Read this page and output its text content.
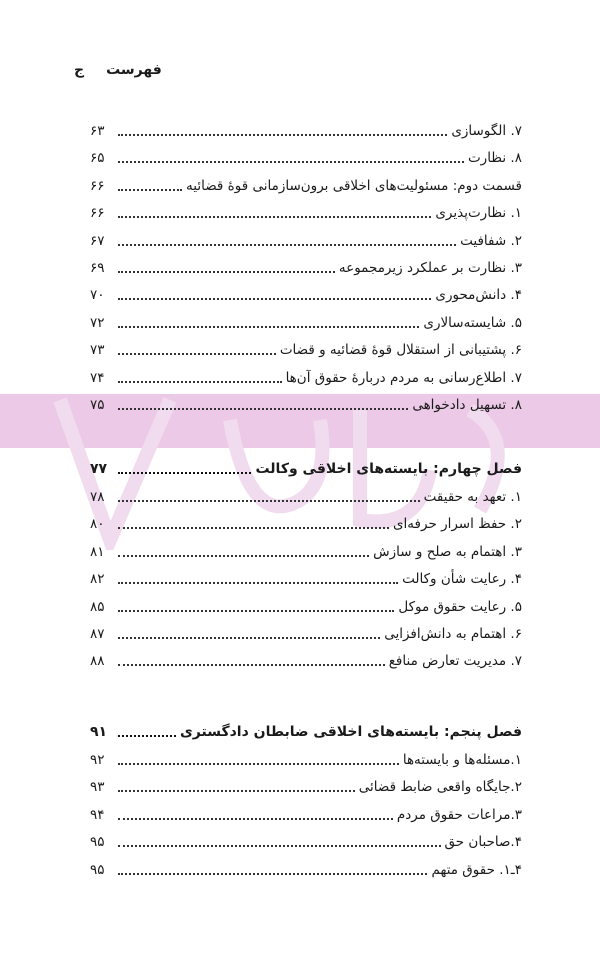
فهرست
ج
۷. الگوسازی
۶۳
۸. نظارت
۶۵
قسمت دوم: مسئولیت‌های اخلاقی برون‌سازمانی قوهٔ قضائیه
۶۶
۱. نظارت‌پذیری
۶۶
۲. شفافیت
۶۷
۳. نظارت بر عملکرد زیرمجموعه
۶۹
۴. دانش‌محوری
۷۰
۵. شایسته‌سالاری
۷۲
۶. پشتیبانی از استقلال قوهٔ قضائیه و قضات
۷۳
۷. اطلاع‌رسانی به مردم دربارهٔ حقوق آن‌ها
۷۴
۸. تسهیل دادخواهی
۷۵
فصل چهارم: بایسته‌های اخلاقی وکالت
۷۷
۱. تعهد به حقیقت
۷۸
۲. حفظ اسرار حرفه‌ای
۸۰
۳. اهتمام به صلح و سازش
۸۱
۴. رعایت شأن وکالت
۸۲
۵. رعایت حقوق موکل
۸۵
۶. اهتمام به دانش‌افزایی
۸۷
۷. مدیریت تعارض منافع
۸۸
فصل پنجم: بایسته‌های اخلاقی ضابطان دادگستری
۹۱
۱.مسئله‌ها و بایسته‌ها
۹۲
۲.جایگاه واقعی ضابط قضائی
۹۳
۳.مراعات حقوق مردم
۹۴
۴.صاحبان حق
۹۵
۴ـ۱. حقوق متهم
۹۵
